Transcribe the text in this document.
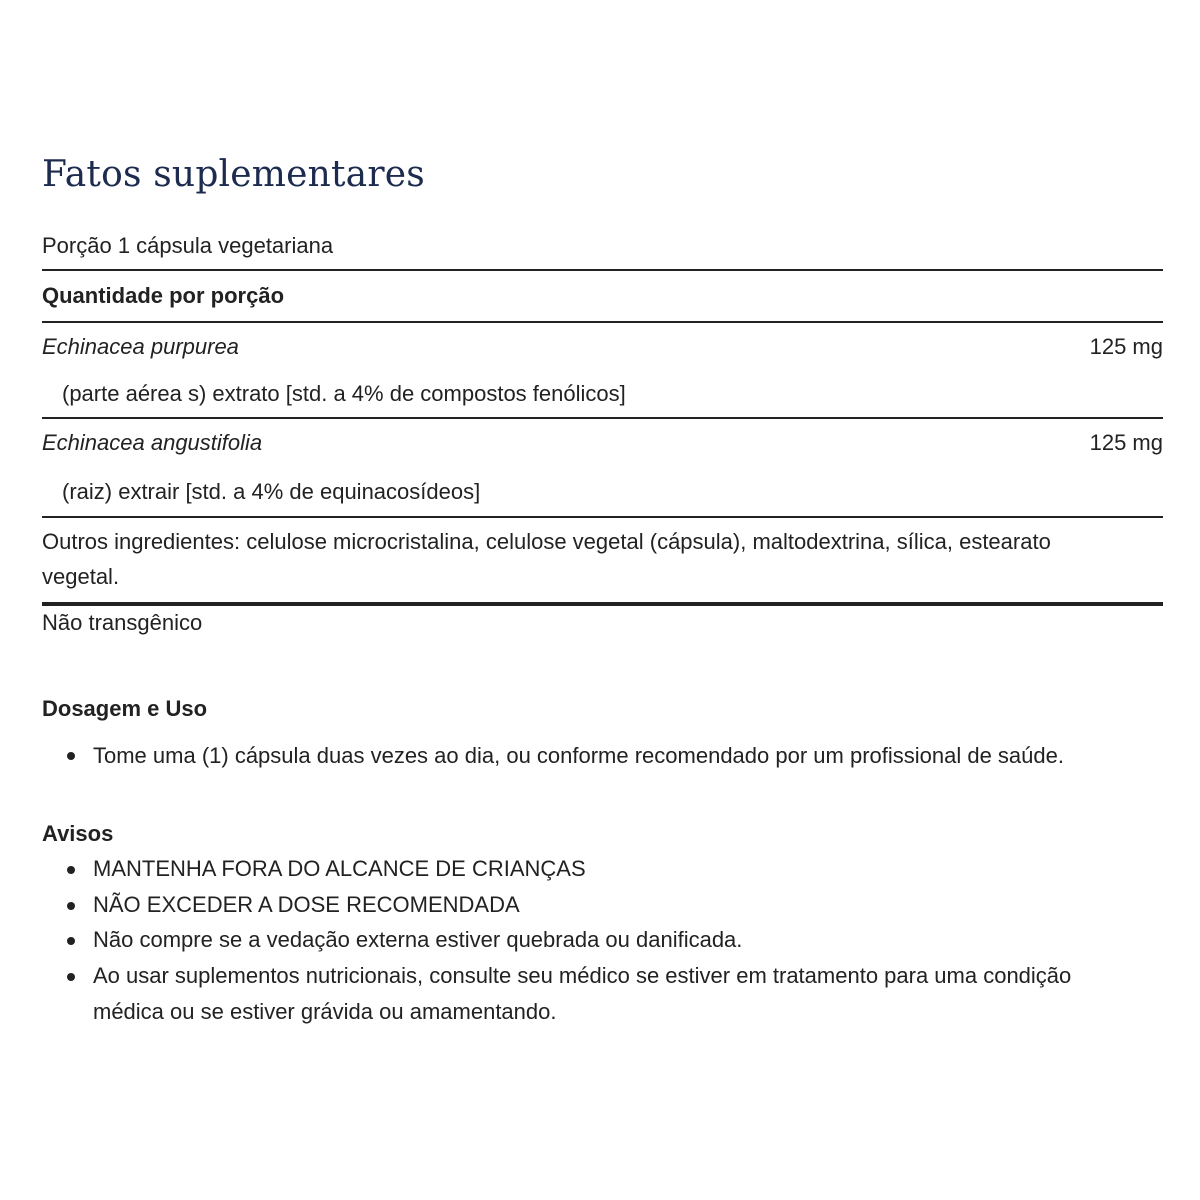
Fatos suplementares
Porção 1 cápsula vegetariana
Quantidade por porção
Echinacea purpurea	125 mg
(parte aérea s) extrato [std. a 4% de compostos fenólicos]
Echinacea angustifolia	125 mg
(raiz) extrair [std. a 4% de equinacosídeos]
Outros ingredientes: celulose microcristalina, celulose vegetal (cápsula), maltodextrina, sílica, estearato
vegetal.
Não transgênico
Dosagem e Uso
Tome uma (1) cápsula duas vezes ao dia, ou conforme recomendado por um profissional de saúde.
Avisos
MANTENHA FORA DO ALCANCE DE CRIANÇAS
NÃO EXCEDER A DOSE RECOMENDADA
Não compre se a vedação externa estiver quebrada ou danificada.
Ao usar suplementos nutricionais, consulte seu médico se estiver em tratamento para uma condição
médica ou se estiver grávida ou amamentando.
